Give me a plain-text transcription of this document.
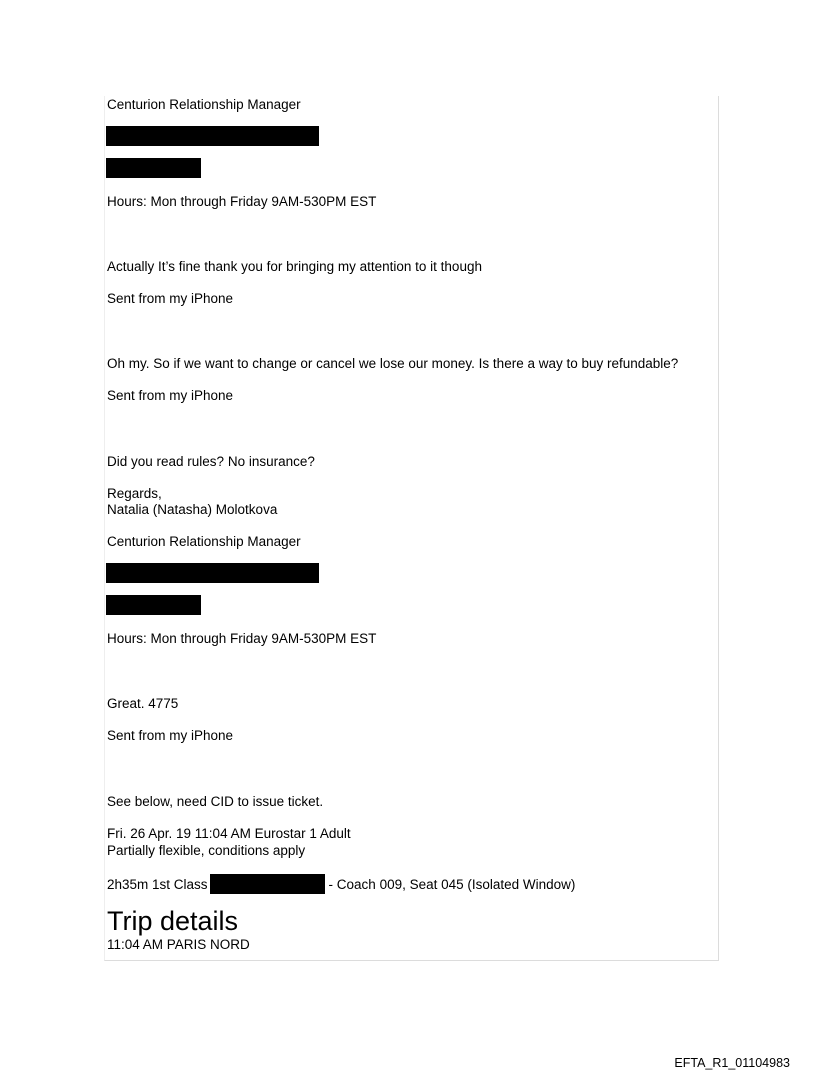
Centurion Relationship Manager
Hours: Mon through Friday 9AM-530PM EST
Actually It’s fine thank you for bringing my attention to it though
Sent from my iPhone
Oh my. So if we want to change or cancel we lose our money. Is there a way to buy refundable?
Sent from my iPhone
Did you read rules? No insurance?
Regards,
Natalia (Natasha) Molotkova
Centurion Relationship Manager
Hours: Mon through Friday 9AM-530PM EST
Great. 4775
Sent from my iPhone
See below, need CID to issue ticket.
Fri. 26 Apr. 19 11:04 AM Eurostar 1 Adult
Partially flexible, conditions apply
2h35m 1st Class	- Coach 009, Seat 045 (Isolated Window)
Trip details
11:04 AM PARIS NORD
EFTA_R1_01104983
